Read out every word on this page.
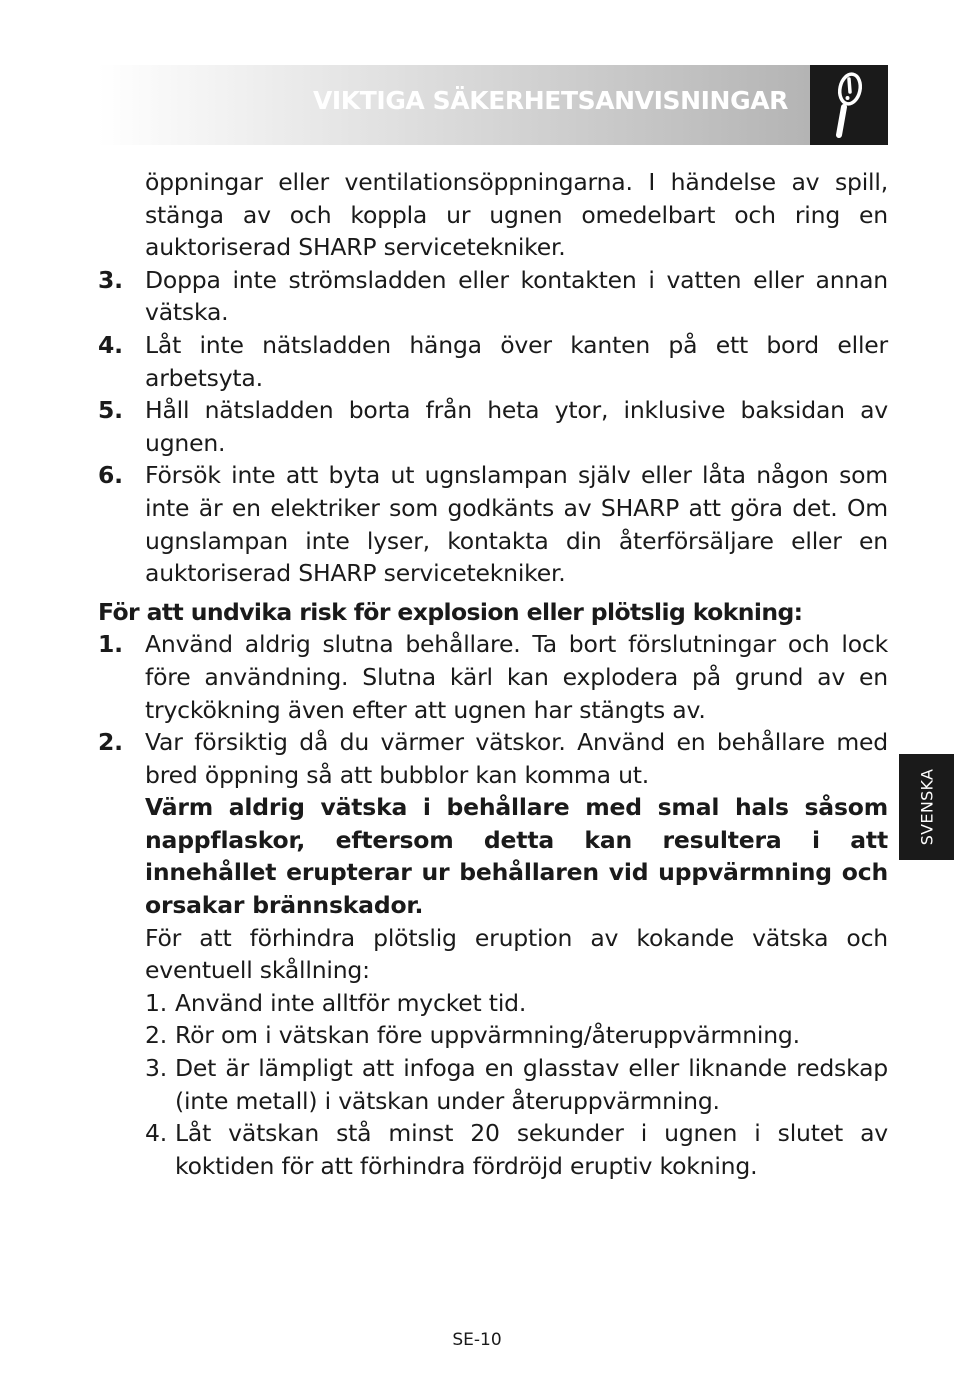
VIKTIGA SÄKERHETSANVISNINGAR
öppningar eller ventilationsöppningarna. I händelse av spill, stänga av och koppla ur ugnen omedelbart och ring en auktoriserad SHARP servicetekniker.
3. Doppa inte strömsladden eller kontakten i vatten eller annan vätska.
4. Låt inte nätsladden hänga över kanten på ett bord eller arbetsyta.
5. Håll nätsladden borta från heta ytor, inklusive baksidan av ugnen.
6. Försök inte att byta ut ugnslampan själv eller låta någon som inte är en elektriker som godkänts av SHARP att göra det. Om ugnslampan inte lyser, kontakta din återförsäljare eller en auktoriserad SHARP servicetekniker.
För att undvika risk för explosion eller plötslig kokning:
1. Använd aldrig slutna behållare. Ta bort förslutningar och lock före användning. Slutna kärl kan explodera på grund av en tryckökning även efter att ugnen har stängts av.
2. Var försiktig då du värmer vätskor. Använd en behållare med bred öppning så att bubblor kan komma ut.
Värm aldrig vätska i behållare med smal hals såsom nappflaskor, eftersom detta kan resultera i att innehållet erupterar ur behållaren vid uppvärmning och orsakar brännskador.
För att förhindra plötslig eruption av kokande vätska och eventuell skållning:
1. Använd inte alltför mycket tid.
2. Rör om i vätskan före uppvärmning/återuppvärmning.
3. Det är lämpligt att infoga en glasstav eller liknande redskap (inte metall) i vätskan under återuppvärmning.
4. Låt vätskan stå minst 20 sekunder i ugnen i slutet av koktiden för att förhindra fördröjd eruptiv kokning.
SVENSKA
SE-10
